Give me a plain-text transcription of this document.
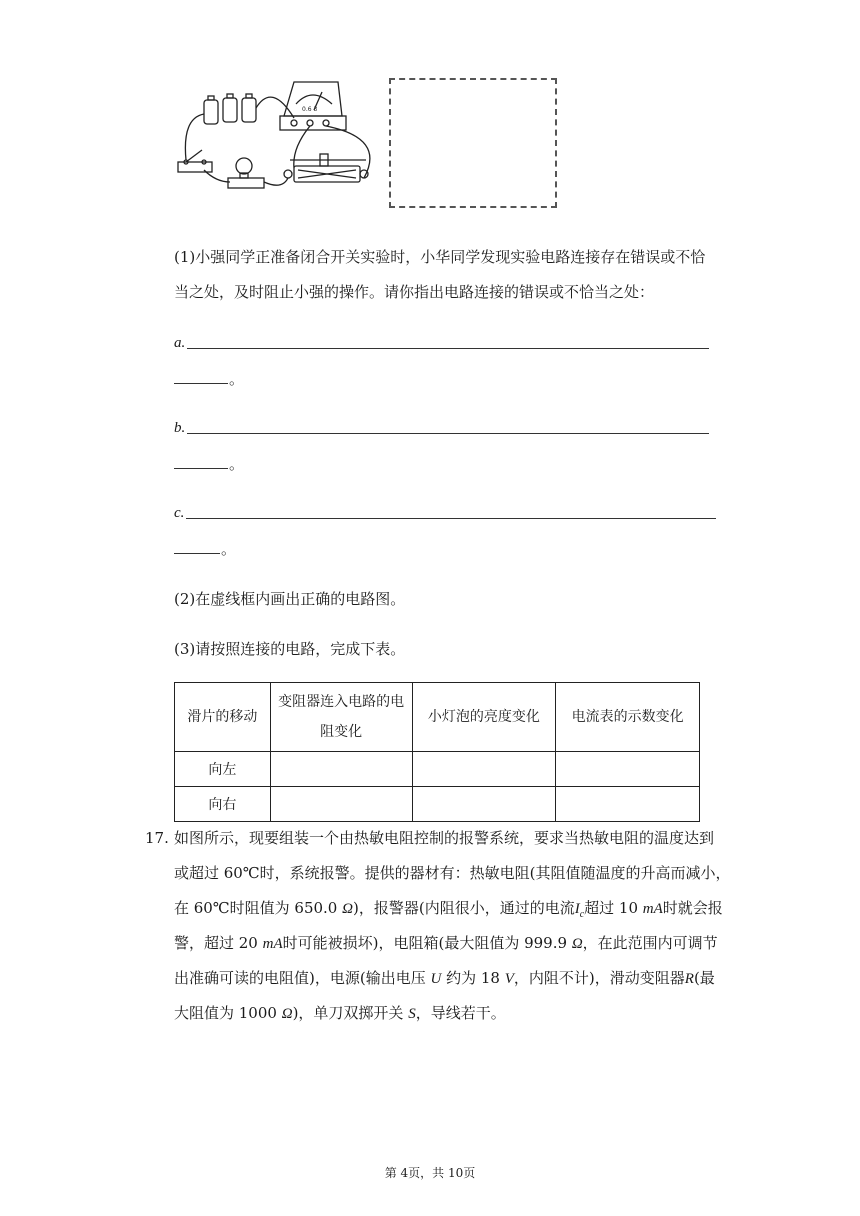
0.6 3
(1)小强同学正准备闭合开关实验时，小华同学发现实验电路连接存在错误或不恰
当之处，及时阻止小强的操作。请你指出电路连接的错误或不恰当之处：
a.
。
b.
。
c.
。
(2)在虚线框内画出正确的电路图。
(3)请按照连接的电路，完成下表。
滑片的移动	变阻器连入电路的电
阻变化	小灯泡的亮度变化	电流表的示数变化
向左			
向右			
17. 如图所示，现要组装一个由热敏电阻控制的报警系统，要求当热敏电阻的温度达到
或超过 60℃时，系统报警。提供的器材有：热敏电阻(其阻值随温度的升高而减小，
在 60℃时阻值为 650.0 Ω)，报警器(内阻很小，通过的电流$I_c$超过 10 mA时就会报
警，超过 20 mA时可能被损坏)，电阻箱(最大阻值为 999.9 Ω，在此范围内可调节
出准确可读的电阻值)，电源(输出电压 U 约为 18 V，内阻不计)，滑动变阻器R(最
大阻值为 1000 Ω)，单刀双掷开关 S，导线若干。
第 4页，共 10页
